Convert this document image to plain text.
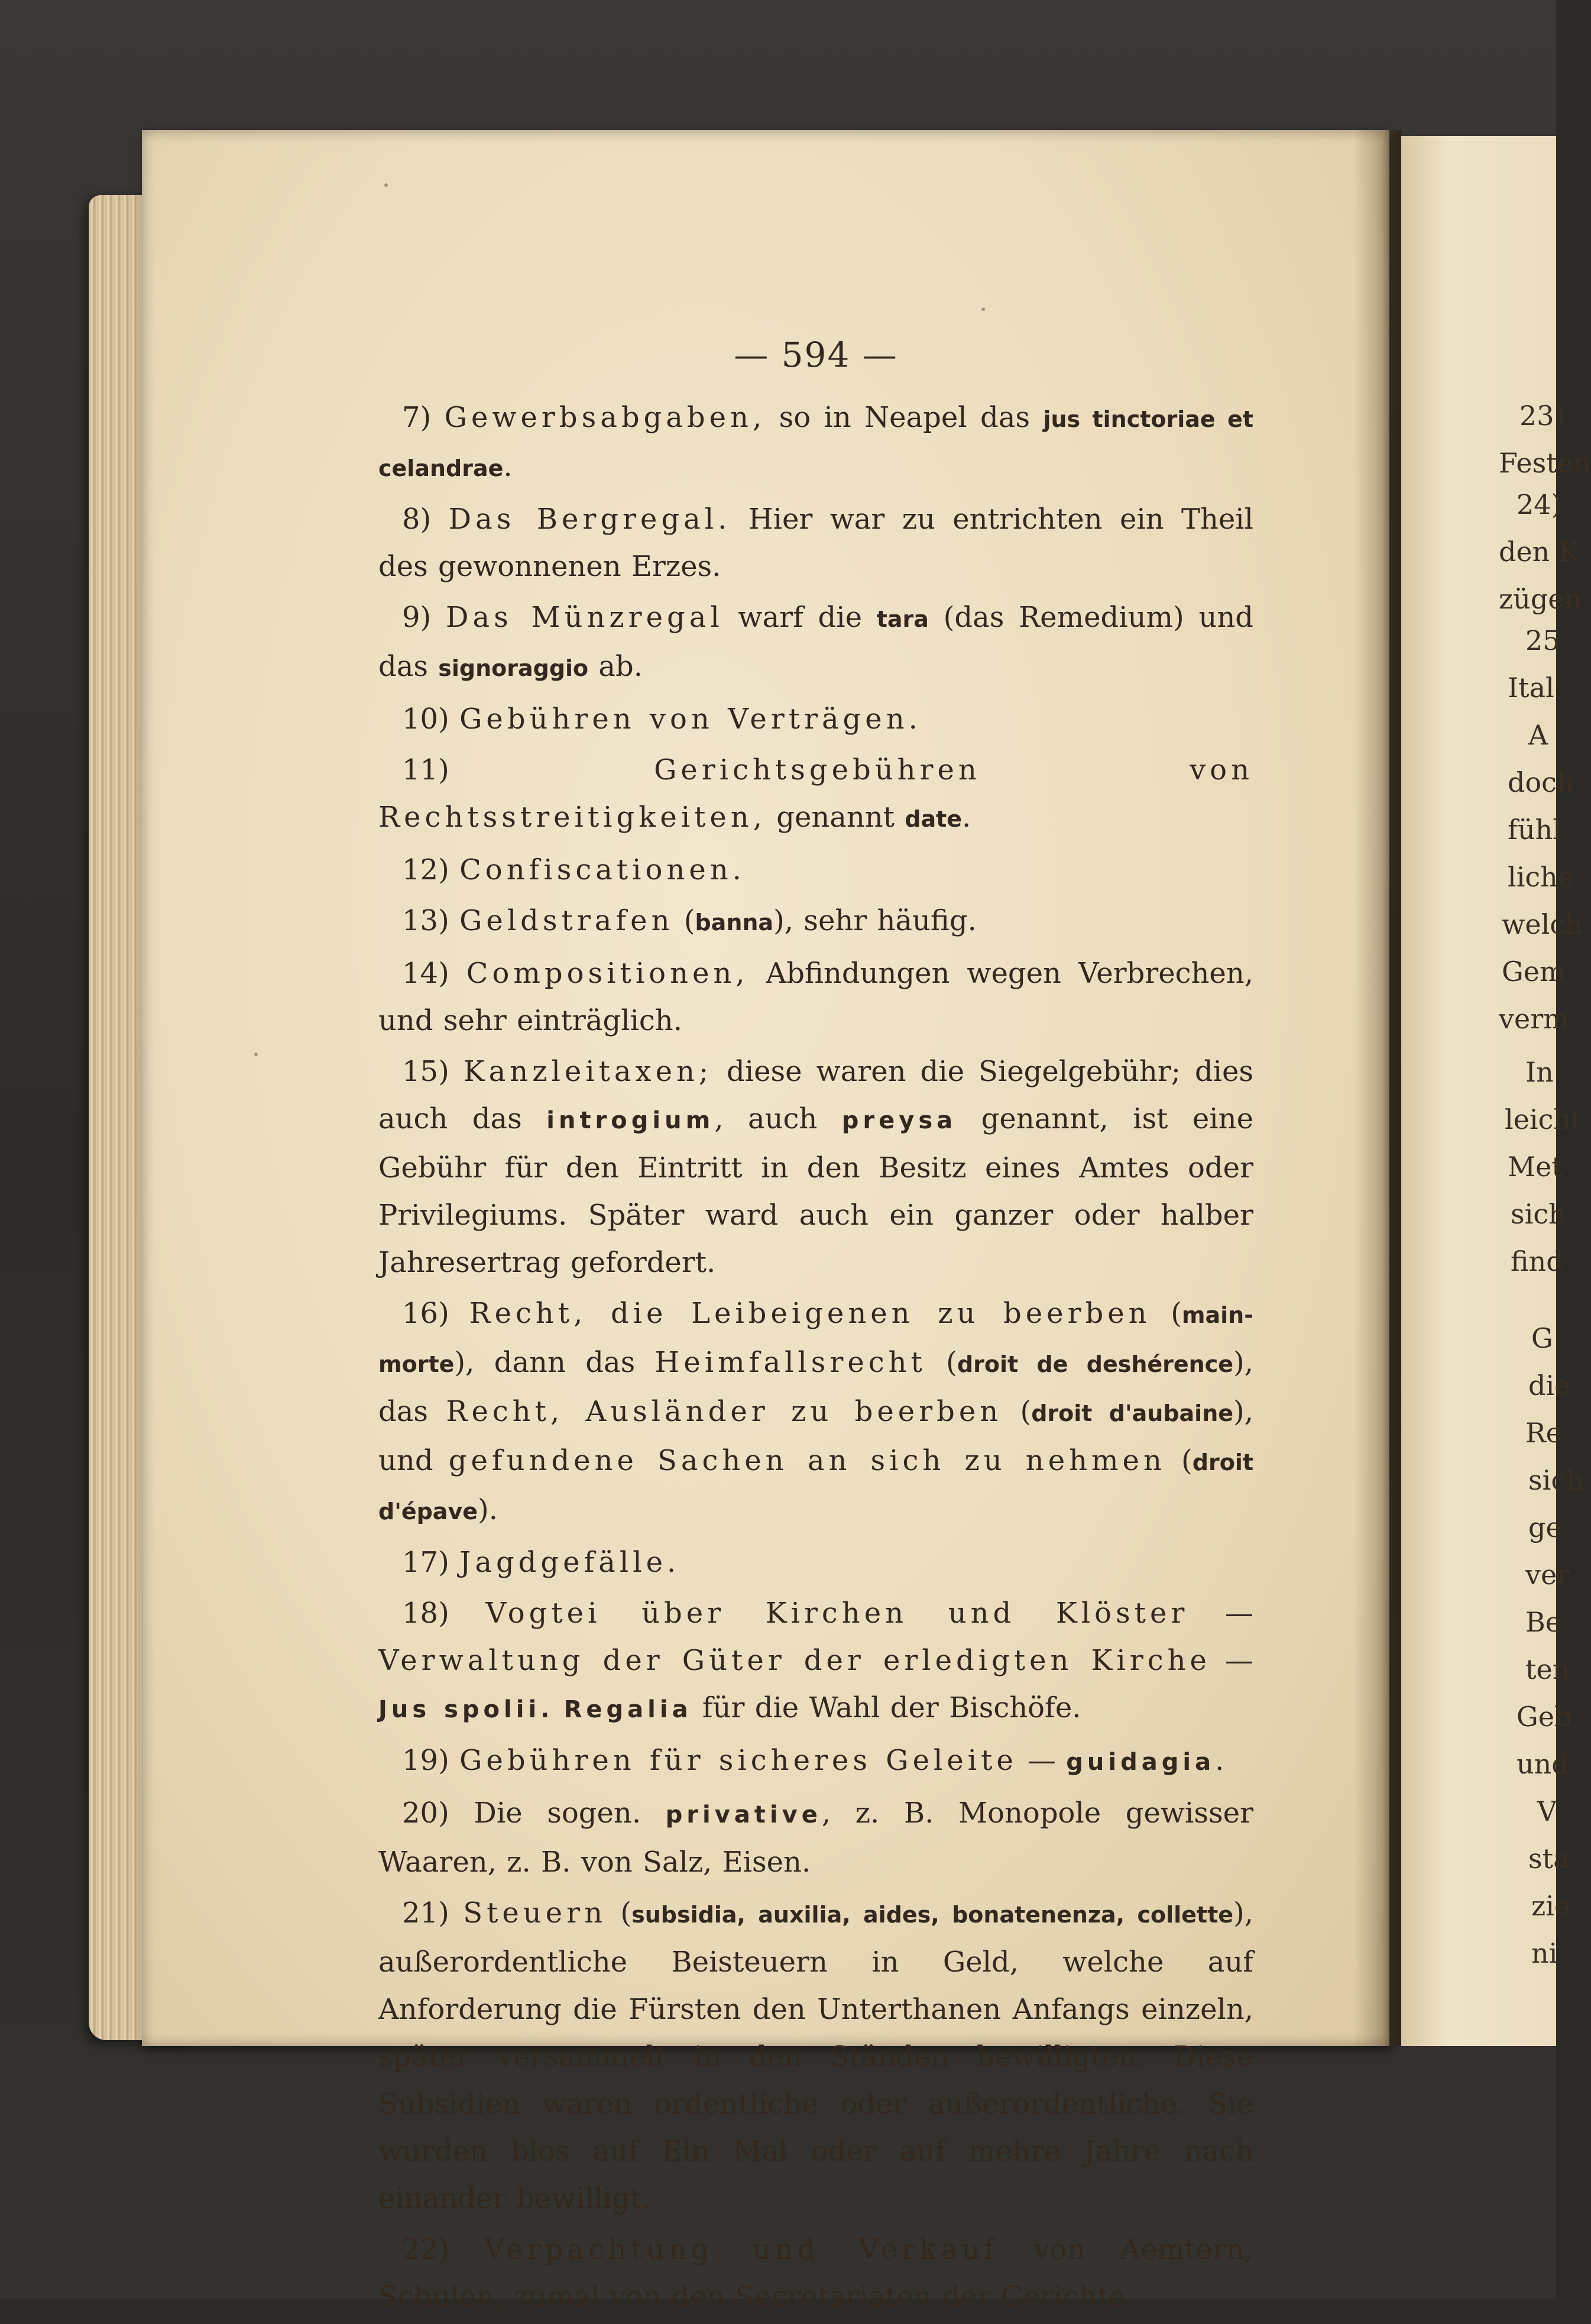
23)
Festen
24)
den K
zügen
25
Ital
A
doch
fühl
liche
welch
Gem
verm
In
leicht
Met
sich
find
G
die
Re
sich
ge
ver
Be
ten
Geb
und
V
sta
zie
ni
— 594 —

7) Gewerbsabgaben, so in Neapel das jus tinctoriae et celandrae.

8) Das Bergregal. Hier war zu entrichten ein Theil des gewonnenen Erzes.

9) Das Münzregal warf die tara (das Remedium) und das signoraggio ab.

10) Gebühren von Verträgen.

11)	Gerichtsgebühren von Rechtsstreitigkeiten, genannt date.

12) Confiscationen.

13) Geldstrafen (banna), sehr häufig.

14) Compositionen, Abfindungen wegen Verbrechen, und sehr einträglich.

15) Kanzleitaxen; diese waren die Siegelgebühr; dies auch das introgium, auch preysa genannt, ist eine Gebühr für den Eintritt in den Besitz eines Amtes oder Privilegiums. Später ward auch ein ganzer oder halber Jahresertrag gefordert.

16) Recht, die Leibeigenen zu beerben (main-morte), dann das Heimfallsrecht (droit de deshérence), das Recht, Ausländer zu beerben (droit d'aubaine), und gefundene Sachen an sich zu nehmen (droit d'épave).

17) Jagdgefälle.

18) Vogtei über Kirchen und Klöster — Verwaltung der Güter der erledigten Kirche — Jus spolii. Regalia für die Wahl der Bischöfe.

19) Gebühren für sicheres Geleite — guidagia.

20) Die sogen. privative, z. B. Monopole gewisser Waaren, z. B. von Salz, Eisen.

21) Steuern (subsidia, auxilia, aides, bonatenenza, collette), außerordentliche Beisteuern in Geld, welche auf Anforderung die Fürsten den Unterthanen Anfangs einzeln, später versammelt in den Ständen bewilligten. Diese Subsidien waren ordentliche oder außerordentliche. Sie wurden blos auf Ein Mal oder auf mehre Jahre nach einander bewilligt.

22) Verpachtung und Verkauf von Aemtern, Schulen, zumal von den Secretariaten der Gerichte.
